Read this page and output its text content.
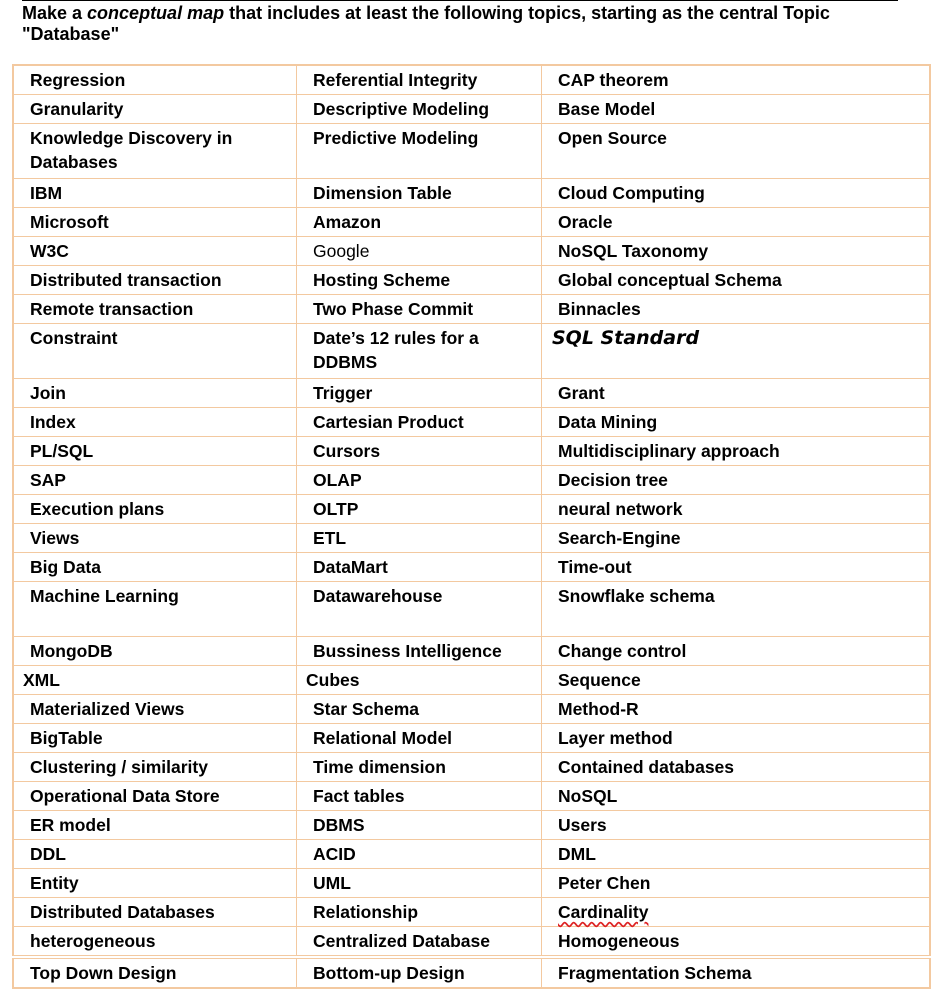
Make a conceptual map that includes at least the following topics, starting as the central Topic "Database"
Regression	Referential Integrity	CAP theorem
Granularity	Descriptive Modeling	Base Model
Knowledge Discovery in Databases	Predictive Modeling	Open Source
IBM	Dimension Table	Cloud Computing
Microsoft	Amazon	Oracle
W3C	Google	NoSQL Taxonomy
Distributed transaction	Hosting Scheme	Global conceptual Schema
Remote transaction	Two Phase Commit	Binnacles
Constraint	Date’s 12 rules for a DDBMS	SQL Standard
Join	Trigger	Grant
Index	Cartesian Product	Data Mining
PL/SQL	Cursors	Multidisciplinary approach
SAP	OLAP	Decision tree
Execution plans	OLTP	neural network
Views	ETL	Search-Engine
Big Data	DataMart	Time-out
Machine Learning	Datawarehouse	Snowflake schema
MongoDB	Bussiness Intelligence	Change control
XML	Cubes	Sequence
Materialized Views	Star Schema	Method-R
BigTable	Relational Model	Layer method
Clustering / similarity	Time dimension	Contained databases
Operational Data Store	Fact tables	NoSQL
ER model	DBMS	Users
DDL	ACID	DML
Entity	UML	Peter Chen
Distributed Databases	Relationship	Cardinality
heterogeneous	Centralized Database	Homogeneous
Top Down Design	Bottom-up Design	Fragmentation Schema
